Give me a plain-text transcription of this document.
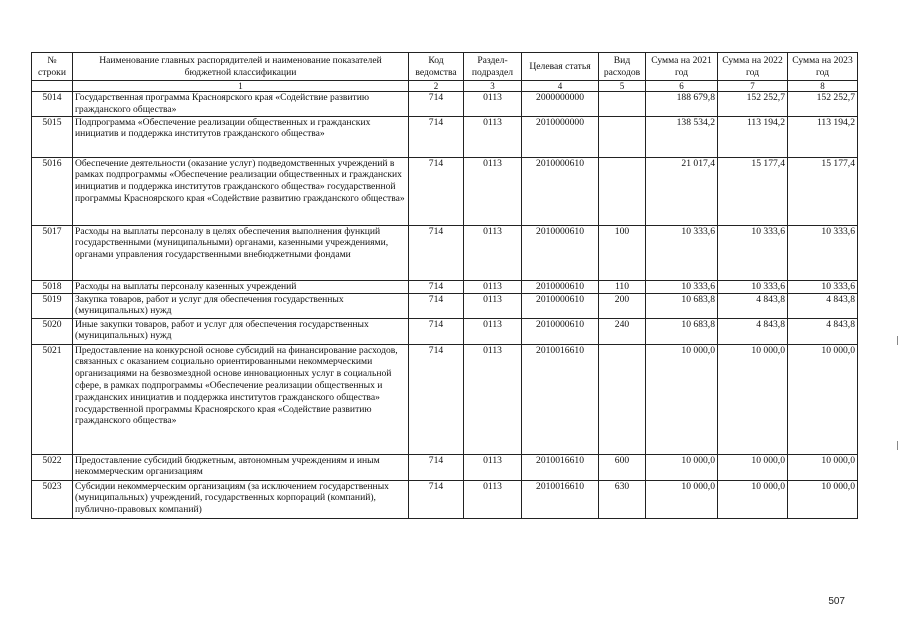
№ строки	Наименование главных распорядителей и наименование показателей бюджетной классификации	Код ведомства	Раздел-подраздел	Целевая статья	Вид расходов	Сумма на 2021 год	Сумма на 2022 год	Сумма на 2023 год
	1	2	3	4	5	6	7	8
5014	Государственная программа Красноярского края «Содействие развитию гражданского общества»	714	0113	2000000000		188 679,8	152 252,7	152 252,7
5015	Подпрограмма «Обеспечение реализации общественных и гражданских инициатив и поддержка институтов гражданского общества»	714	0113	2010000000		138 534,2	113 194,2	113 194,2
5016	Обеспечение деятельности (оказание услуг) подведомственных учреждений в рамках подпрограммы «Обеспечение реализации общественных и гражданских инициатив и поддержка институтов гражданского общества» государственной программы Красноярского края «Содействие развитию гражданского общества»	714	0113	2010000610		21 017,4	15 177,4	15 177,4
5017	Расходы на выплаты персоналу в целях обеспечения выполнения функций государственными (муниципальными) органами, казенными учреждениями, органами управления государственными внебюджетными фондами	714	0113	2010000610	100	10 333,6	10 333,6	10 333,6
5018	Расходы на выплаты персоналу казенных учреждений	714	0113	2010000610	110	10 333,6	10 333,6	10 333,6
5019	Закупка товаров, работ и услуг для обеспечения государственных (муниципальных) нужд	714	0113	2010000610	200	10 683,8	4 843,8	4 843,8
5020	Иные закупки товаров, работ и услуг для обеспечения государственных (муниципальных) нужд	714	0113	2010000610	240	10 683,8	4 843,8	4 843,8
5021	Предоставление на конкурсной основе субсидий на финансирование расходов, связанных с оказанием социально ориентированными некоммерческими организациями на безвозмездной основе инновационных услуг в социальной сфере, в рамках подпрограммы «Обеспечение реализации общественных и гражданских инициатив и поддержка институтов гражданского общества» государственной программы Красноярского края «Содействие развитию гражданского общества»	714	0113	2010016610		10 000,0	10 000,0	10 000,0
5022	Предоставление субсидий бюджетным, автономным учреждениям и иным некоммерческим организациям	714	0113	2010016610	600	10 000,0	10 000,0	10 000,0
5023	Субсидии некоммерческим организациям (за исключением государственных (муниципальных) учреждений, государственных корпораций (компаний), публично-правовых компаний)	714	0113	2010016610	630	10 000,0	10 000,0	10 000,0
507
